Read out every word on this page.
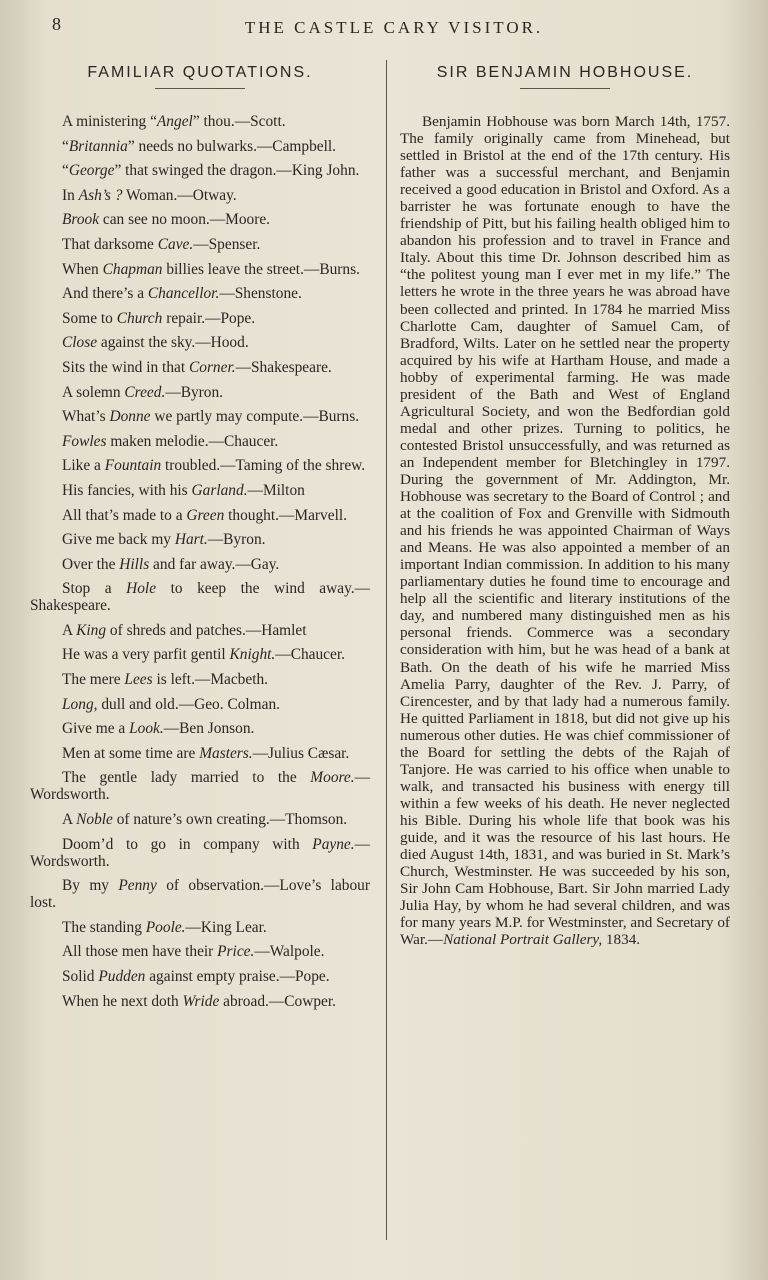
8	THE CASTLE CARY VISITOR.
FAMILIAR QUOTATIONS.

A ministering “Angel” thou.—Scott.

“Britannia” needs no bulwarks.—Campbell.

“George” that swinged the dragon.—King John.

In Ash’s ? Woman.—Otway.

Brook can see no moon.—Moore.

That darksome Cave.—Spenser.

When Chapman billies leave the street.—Burns.

And there’s a Chancellor.—Shenstone.

Some to Church repair.—Pope.

Close against the sky.—Hood.

Sits the wind in that Corner.—Shakespeare.

A solemn Creed.—Byron.

What’s Donne we partly may compute.—Burns.

Fowles maken melodie.—Chaucer.

Like a Fountain troubled.—Taming of the shrew.

His fancies, with his Garland.—Milton

All that’s made to a Green thought.—Marvell.

Give me back my Hart.—Byron.

Over the Hills and far away.—Gay.

Stop a Hole to keep the wind away.—Shakespeare.

A King of shreds and patches.—Hamlet

He was a very parfit gentil Knight.—Chaucer.

The mere Lees is left.—Macbeth.

Long, dull and old.—Geo. Colman.

Give me a Look.—Ben Jonson.

Men at some time are Masters.—Julius Cæsar.

The gentle lady married to the Moore.—Wordsworth.

A Noble of nature’s own creating.—Thomson.

Doom’d to go in company with Payne.—Wordsworth.

By my Penny of observation.—Love’s labour lost.

The standing Poole.—King Lear.

All those men have their Price.—Walpole.

Solid Pudden against empty praise.—Pope.

When he next doth Wride abroad.—Cowper.

SIR BENJAMIN HOBHOUSE.

Benjamin Hobhouse was born March 14th, 1757. The family originally came from Minehead, but settled in Bristol at the end of the 17th century. His father was a successful merchant, and Benjamin received a good education in Bristol and Oxford. As a barrister he was fortunate enough to have the friendship of Pitt, but his failing health obliged him to abandon his profession and to travel in France and Italy. About this time Dr. Johnson described him as “the politest young man I ever met in my life.” The letters he wrote in the three years he was abroad have been collected and printed. In 1784 he married Miss Charlotte Cam, daughter of Samuel Cam, of Bradford, Wilts. Later on he settled near the property acquired by his wife at Hartham House, and made a hobby of experimental farming. He was made president of the Bath and West of England Agricultural Society, and won the Bedfordian gold medal and other prizes. Turning to politics, he contested Bristol unsuccessfully, and was returned as an Independent member for Bletchingley in 1797. During the government of Mr. Addington, Mr. Hobhouse was secretary to the Board of Control ; and at the coalition of Fox and Grenville with Sidmouth and his friends he was appointed Chairman of Ways and Means. He was also appointed a member of an important Indian commission. In addition to his many parliamentary duties he found time to encourage and help all the scientific and literary institutions of the day, and numbered many distinguished men as his personal friends. Commerce was a secondary consideration with him, but he was head of a bank at Bath. On the death of his wife he married Miss Amelia Parry, daughter of the Rev. J. Parry, of Cirencester, and by that lady had a numerous family. He quitted Parliament in 1818, but did not give up his numerous other duties. He was chief commissioner of the Board for settling the debts of the Rajah of Tanjore. He was carried to his office when unable to walk, and transacted his business with energy till within a few weeks of his death. He never neglected his Bible. During his whole life that book was his guide, and it was the resource of his last hours. He died August 14th, 1831, and was buried in St. Mark’s Church, Westminster. He was succeeded by his son, Sir John Cam Hobhouse, Bart. Sir John married Lady Julia Hay, by whom he had several children, and was for many years M.P. for Westminster, and Secretary of War.—National Portrait Gallery, 1834.
